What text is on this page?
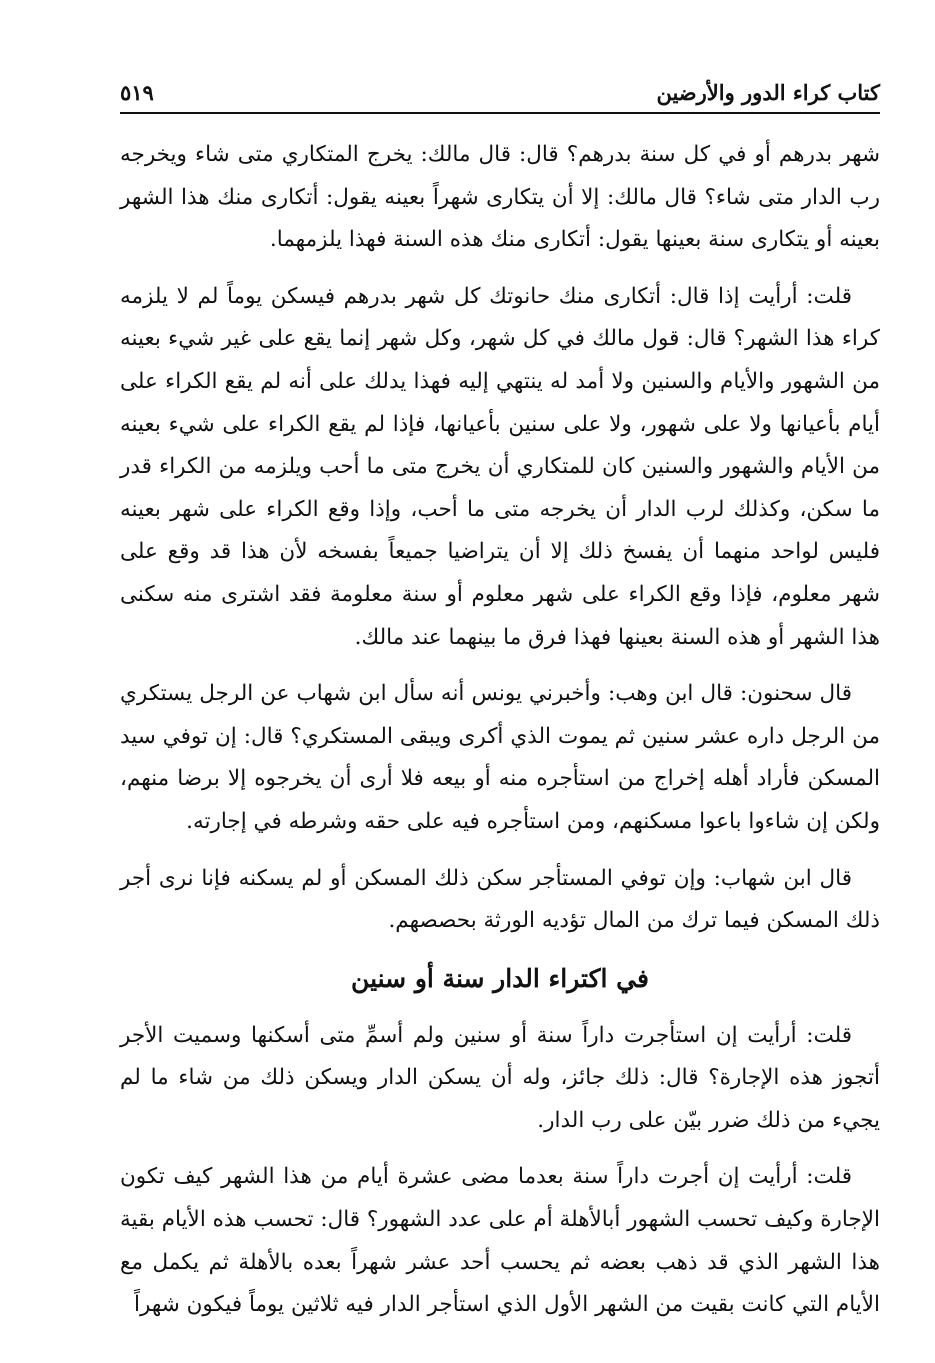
كتاب كراء الدور والأرضين
٥١٩

شهر بدرهم أو في كل سنة بدرهم؟ قال: قال مالك: يخرج المتكاري متى شاء ويخرجه رب الدار متى شاء؟ قال مالك: إلا أن يتكارى شهراً بعينه يقول: أتكارى منك هذا الشهر بعينه أو يتكارى سنة بعينها يقول: أتكارى منك هذه السنة فهذا يلزمهما.

قلت: أرأيت إذا قال: أتكارى منك حانوتك كل شهر بدرهم فيسكن يوماً لم لا يلزمه كراء هذا الشهر؟ قال: قول مالك في كل شهر، وكل شهر إنما يقع على غير شيء بعينه من الشهور والأيام والسنين ولا أمد له ينتهي إليه فهذا يدلك على أنه لم يقع الكراء على أيام بأعيانها ولا على شهور، ولا على سنين بأعيانها، فإذا لم يقع الكراء على شيء بعينه من الأيام والشهور والسنين كان للمتكاري أن يخرج متى ما أحب ويلزمه من الكراء قدر ما سكن، وكذلك لرب الدار أن يخرجه متى ما أحب، وإذا وقع الكراء على شهر بعينه فليس لواحد منهما أن يفسخ ذلك إلا أن يتراضيا جميعاً بفسخه لأن هذا قد وقع على شهر معلوم، فإذا وقع الكراء على شهر معلوم أو سنة معلومة فقد اشترى منه سكنى هذا الشهر أو هذه السنة بعينها فهذا فرق ما بينهما عند مالك.

قال سحنون: قال ابن وهب: وأخبرني يونس أنه سأل ابن شهاب عن الرجل يستكري من الرجل داره عشر سنين ثم يموت الذي أكرى ويبقى المستكري؟ قال: إن توفي سيد المسكن فأراد أهله إخراج من استأجره منه أو بيعه فلا أرى أن يخرجوه إلا برضا منهم، ولكن إن شاءوا باعوا مسكنهم، ومن استأجره فيه على حقه وشرطه في إجارته.

قال ابن شهاب: وإن توفي المستأجر سكن ذلك المسكن أو لم يسكنه فإنا نرى أجر ذلك المسكن فيما ترك من المال تؤديه الورثة بحصصهم.

في اكتراء الدار سنة أو سنين

قلت: أرأيت إن استأجرت داراً سنة أو سنين ولم أسمِّ متى أسكنها وسميت الأجر أتجوز هذه الإجارة؟ قال: ذلك جائز، وله أن يسكن الدار ويسكن ذلك من شاء ما لم يجيء من ذلك ضرر بيّن على رب الدار.

قلت: أرأيت إن أجرت داراً سنة بعدما مضى عشرة أيام من هذا الشهر كيف تكون الإجارة وكيف تحسب الشهور أبالأهلة أم على عدد الشهور؟ قال: تحسب هذه الأيام بقية هذا الشهر الذي قد ذهب بعضه ثم يحسب أحد عشر شهراً بعده بالأهلة ثم يكمل مع الأيام التي كانت بقيت من الشهر الأول الذي استأجر الدار فيه ثلاثين يوماً فيكون شهراً
